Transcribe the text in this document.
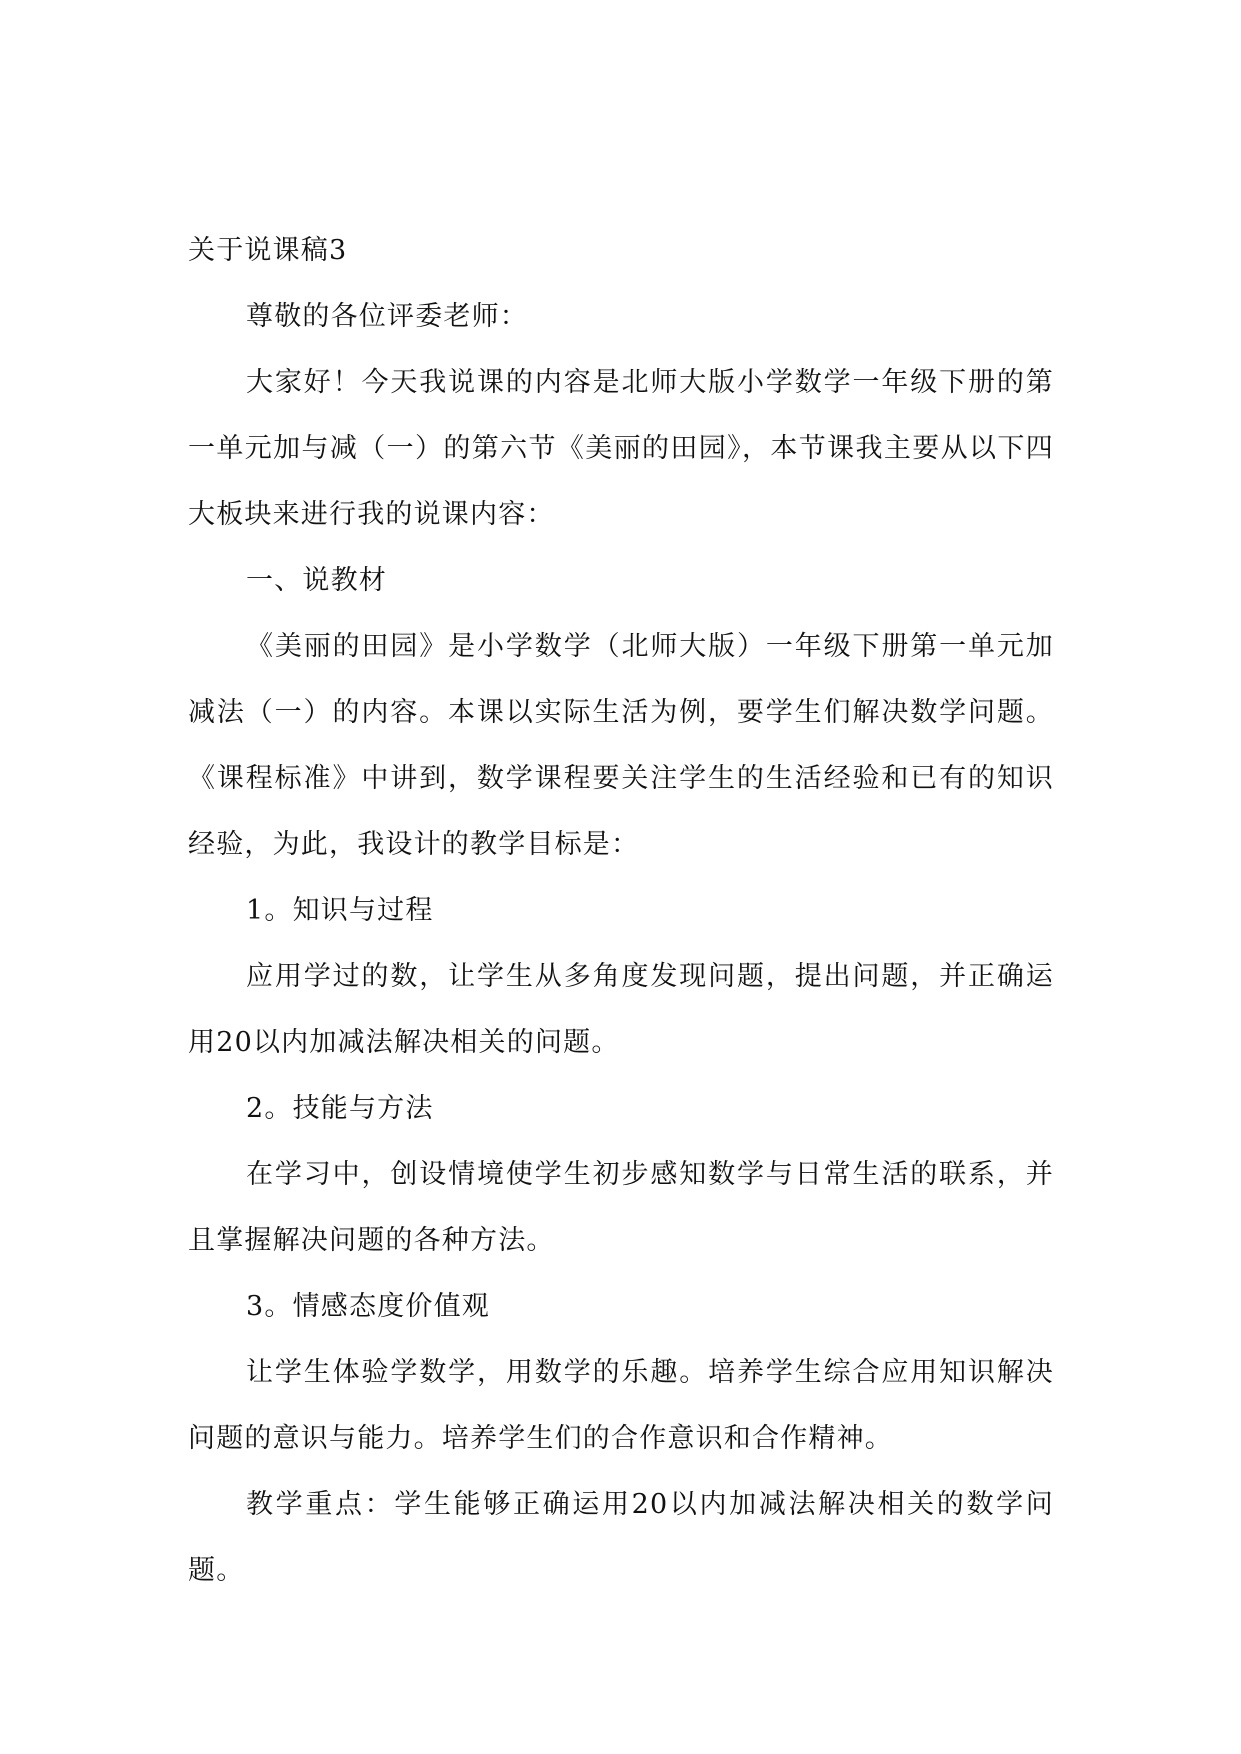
关于说课稿3

尊敬的各位评委老师：

大家好！今天我说课的内容是北师大版小学数学一年级下册的第一单元加与减（一）的第六节《美丽的田园》，本节课我主要从以下四大板块来进行我的说课内容：

一、说教材

《美丽的田园》是小学数学（北师大版）一年级下册第一单元加减法（一）的内容。本课以实际生活为例，要学生们解决数学问题。《课程标准》中讲到，数学课程要关注学生的生活经验和已有的知识经验，为此，我设计的教学目标是：

1。知识与过程

应用学过的数，让学生从多角度发现问题，提出问题，并正确运用20以内加减法解决相关的问题。

2。技能与方法

在学习中，创设情境使学生初步感知数学与日常生活的联系，并且掌握解决问题的各种方法。

3。情感态度价值观

让学生体验学数学，用数学的乐趣。培养学生综合应用知识解决问题的意识与能力。培养学生们的合作意识和合作精神。

教学重点：学生能够正确运用20以内加减法解决相关的数学问题。
